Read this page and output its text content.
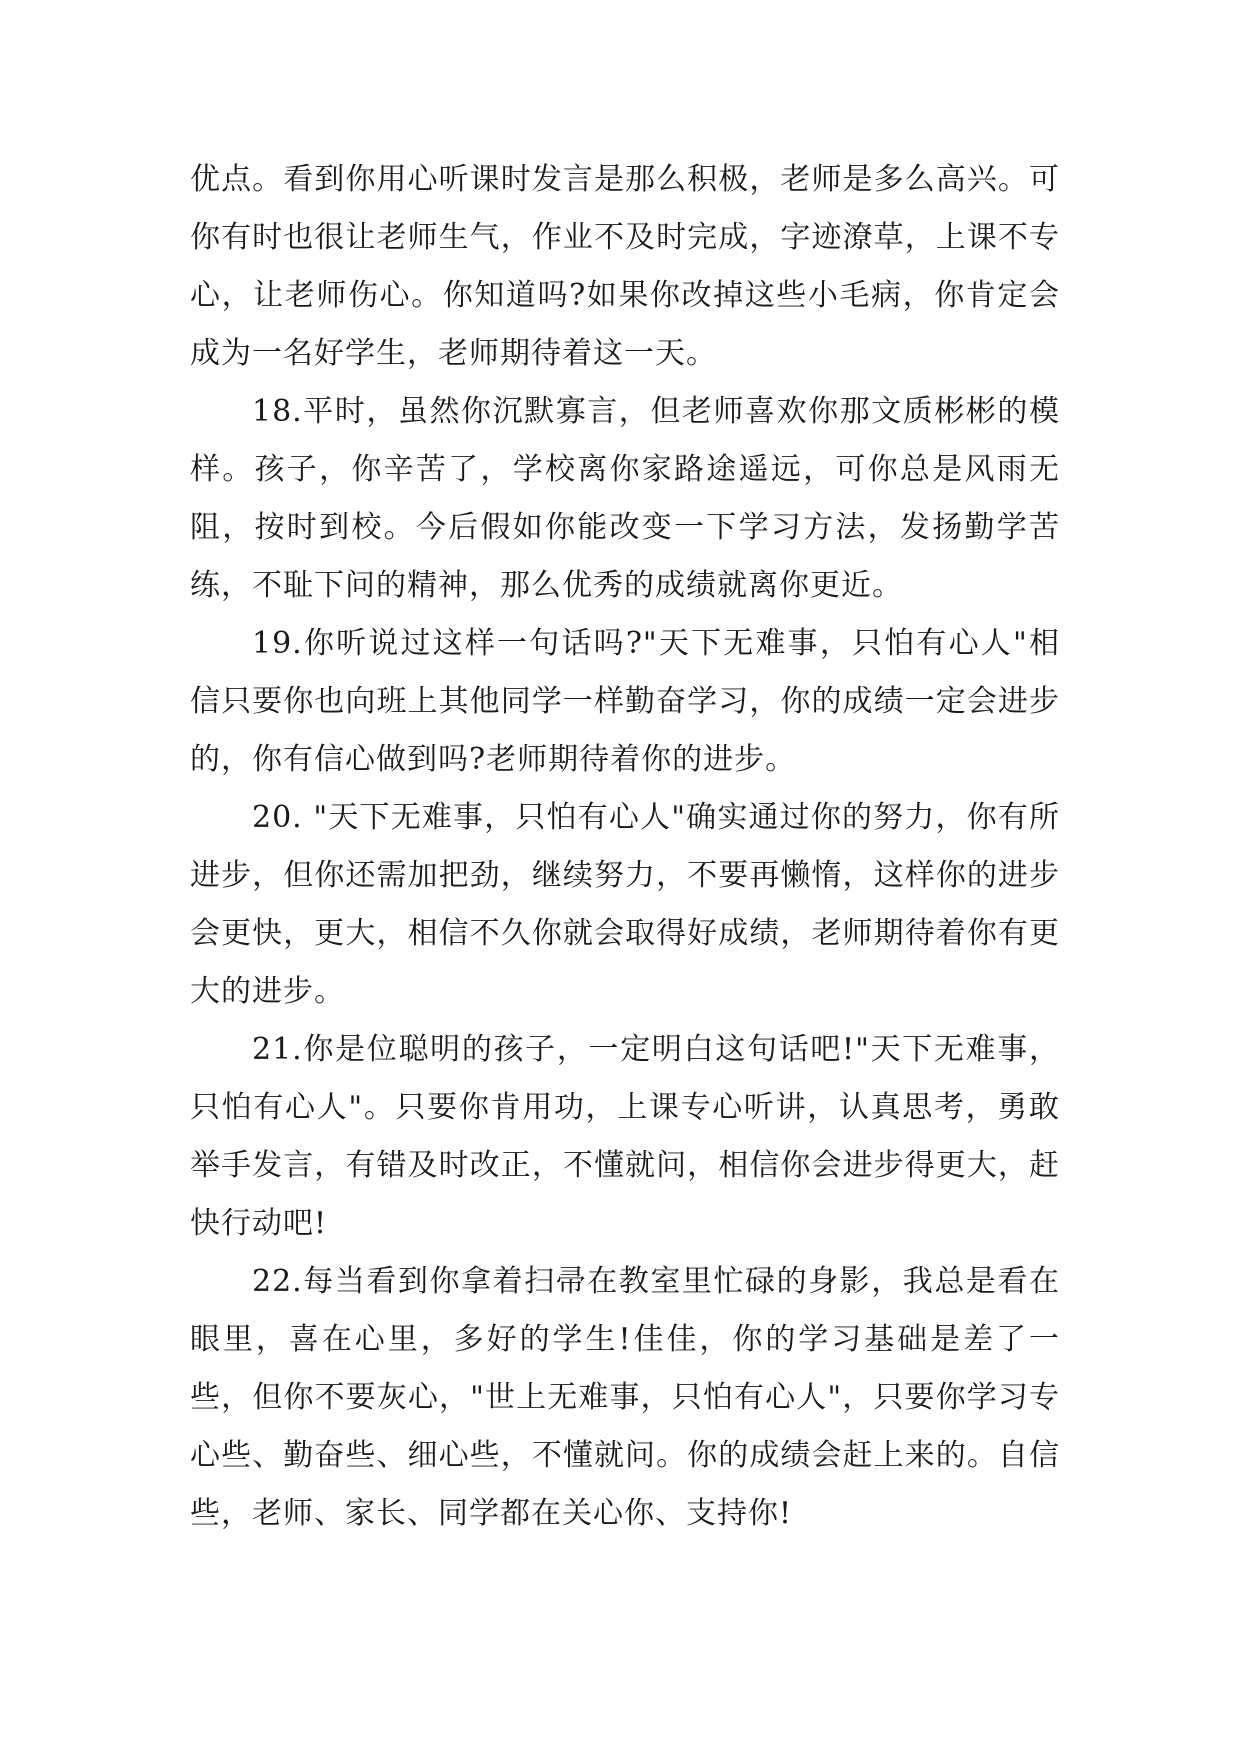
优点。看到你用心听课时发言是那么积极，老师是多么高兴。可你有时也很让老师生气，作业不及时完成，字迹潦草，上课不专心，让老师伤心。你知道吗?如果你改掉这些小毛病，你肯定会成为一名好学生，老师期待着这一天。

18.平时，虽然你沉默寡言，但老师喜欢你那文质彬彬的模样。孩子，你辛苦了，学校离你家路途遥远，可你总是风雨无阻，按时到校。今后假如你能改变一下学习方法，发扬勤学苦练，不耻下问的精神，那么优秀的成绩就离你更近。

19.你听说过这样一句话吗?"天下无难事，只怕有心人"相信只要你也向班上其他同学一样勤奋学习，你的成绩一定会进步的，你有信心做到吗?老师期待着你的进步。

20. "天下无难事，只怕有心人"确实通过你的努力，你有所进步，但你还需加把劲，继续努力，不要再懒惰，这样你的进步会更快，更大，相信不久你就会取得好成绩，老师期待着你有更大的进步。

21.你是位聪明的孩子，一定明白这句话吧!"天下无难事，只怕有心人"。只要你肯用功，上课专心听讲，认真思考，勇敢举手发言，有错及时改正，不懂就问，相信你会进步得更大，赶快行动吧!

22.每当看到你拿着扫帚在教室里忙碌的身影，我总是看在眼里，喜在心里，多好的学生!佳佳，你的学习基础是差了一些，但你不要灰心，"世上无难事，只怕有心人"，只要你学习专心些、勤奋些、细心些，不懂就问。你的成绩会赶上来的。自信些，老师、家长、同学都在关心你、支持你!
